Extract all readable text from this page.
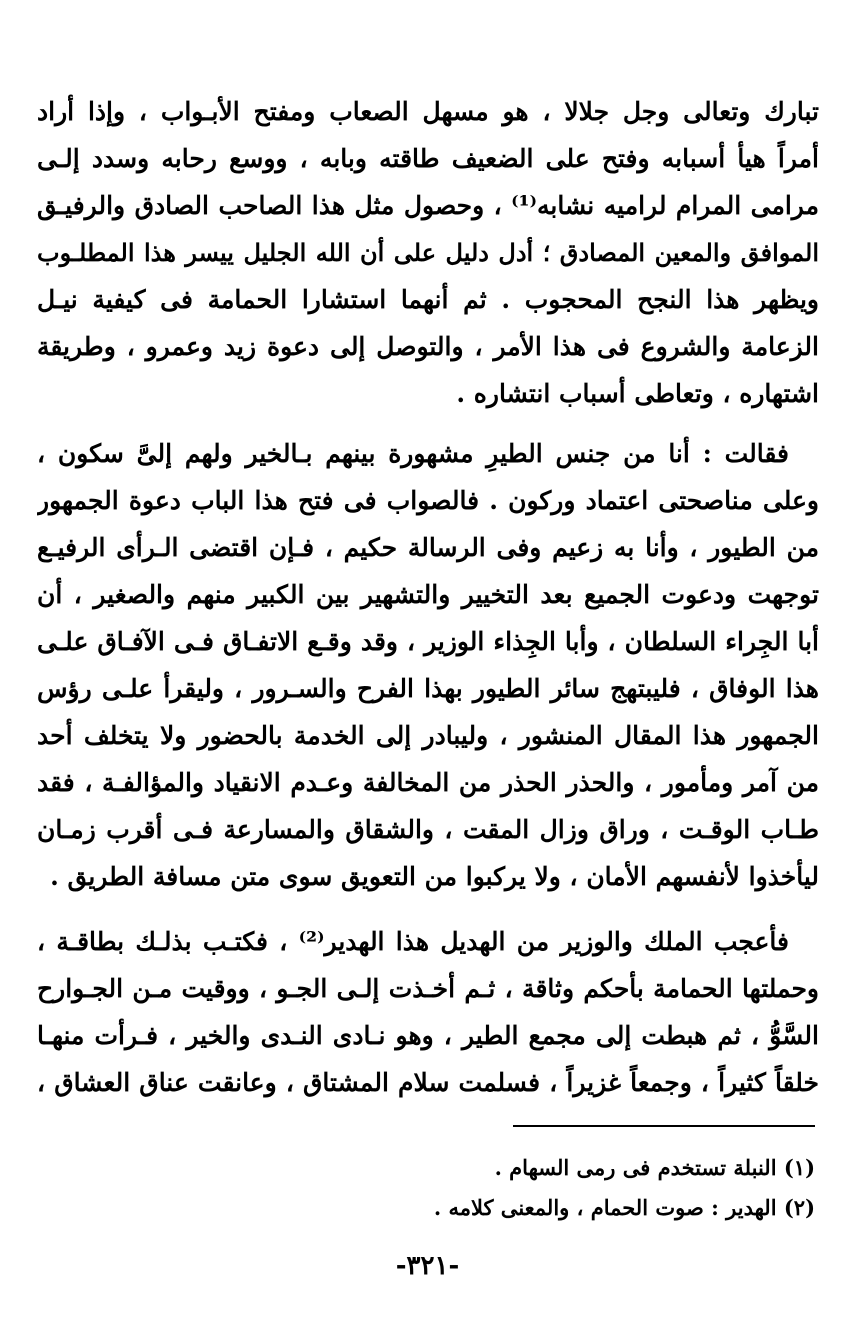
تبارك وتعالى وجل جلالا ، هو مسهل الصعاب ومفتح الأبـواب ، وإذا أراد
أمراً هيأ أسبابه وفتح على الضعيف طاقته وبابه ، ووسع رحابه وسدد إلـى
مرامى المرام لراميه نشابه⁽¹⁾ ، وحصول مثل هذا الصاحب الصادق والرفيـق
الموافق والمعين المصادق ؛ أدل دليل على أن الله الجليل ييسر هذا المطلـوب
ويظهر هذا النجح المحجوب . ثم أنهما استشارا الحمامة فى كيفية نيـل
الزعامة والشروع فى هذا الأمر ، والتوصل إلى دعوة زيد وعمرو ، وطريقة
اشتهاره ، وتعاطى أسباب انتشاره .
فقالت : أنا من جنس الطيرِ مشهورة بينهم بـالخير ولهم إلىَّ سكون ،
وعلى مناصحتى اعتماد وركون . فالصواب فى فتح هذا الباب دعوة الجمهور
من الطيور ، وأنا به زعيم وفى الرسالة حكيم ، فـإن اقتضى الـرأى الرفيـع
توجهت ودعوت الجميع بعد التخيير والتشهير بين الكبير منهم والصغير ، أن
أبا الجِراء السلطان ، وأبا الجِذاء الوزير ، وقد وقـع الاتفـاق فـى الآفـاق علـى
هذا الوفاق ، فليبتهج سائر الطيور بهذا الفرح والسـرور ، وليقرأ علـى رؤس
الجمهور هذا المقال المنشور ، وليبادر إلى الخدمة بالحضور ولا يتخلف أحد
من آمر ومأمور ، والحذر الحذر من المخالفة وعـدم الانقياد والمؤالفـة ، فقد
طـاب الوقـت ، وراق وزال المقت ، والشقاق والمسارعة فـى أقرب زمـان
ليأخذوا لأنفسهم الأمان ، ولا يركبوا من التعويق سوى متن مسافة الطريق .
فأعجب الملك والوزير من الهديل هذا الهدير⁽²⁾ ، فكتـب بذلـك بطاقـة ،
وحملتها الحمامة بأحكم وثاقة ، ثـم أخـذت إلـى الجـو ، ووقيت مـن الجـوارح
السَّوُّ ، ثم هبطت إلى مجمع الطير ، وهو نـادى النـدى والخير ، فـرأت منهـا
خلقاً كثيراً ، وجمعاً غزيراً ، فسلمت سلام المشتاق ، وعانقت عناق العشاق ،
(١) النبلة تستخدم فى رمى السهام .
(٢) الهدير : صوت الحمام ، والمعنى كلامه .
-٣٢١-
